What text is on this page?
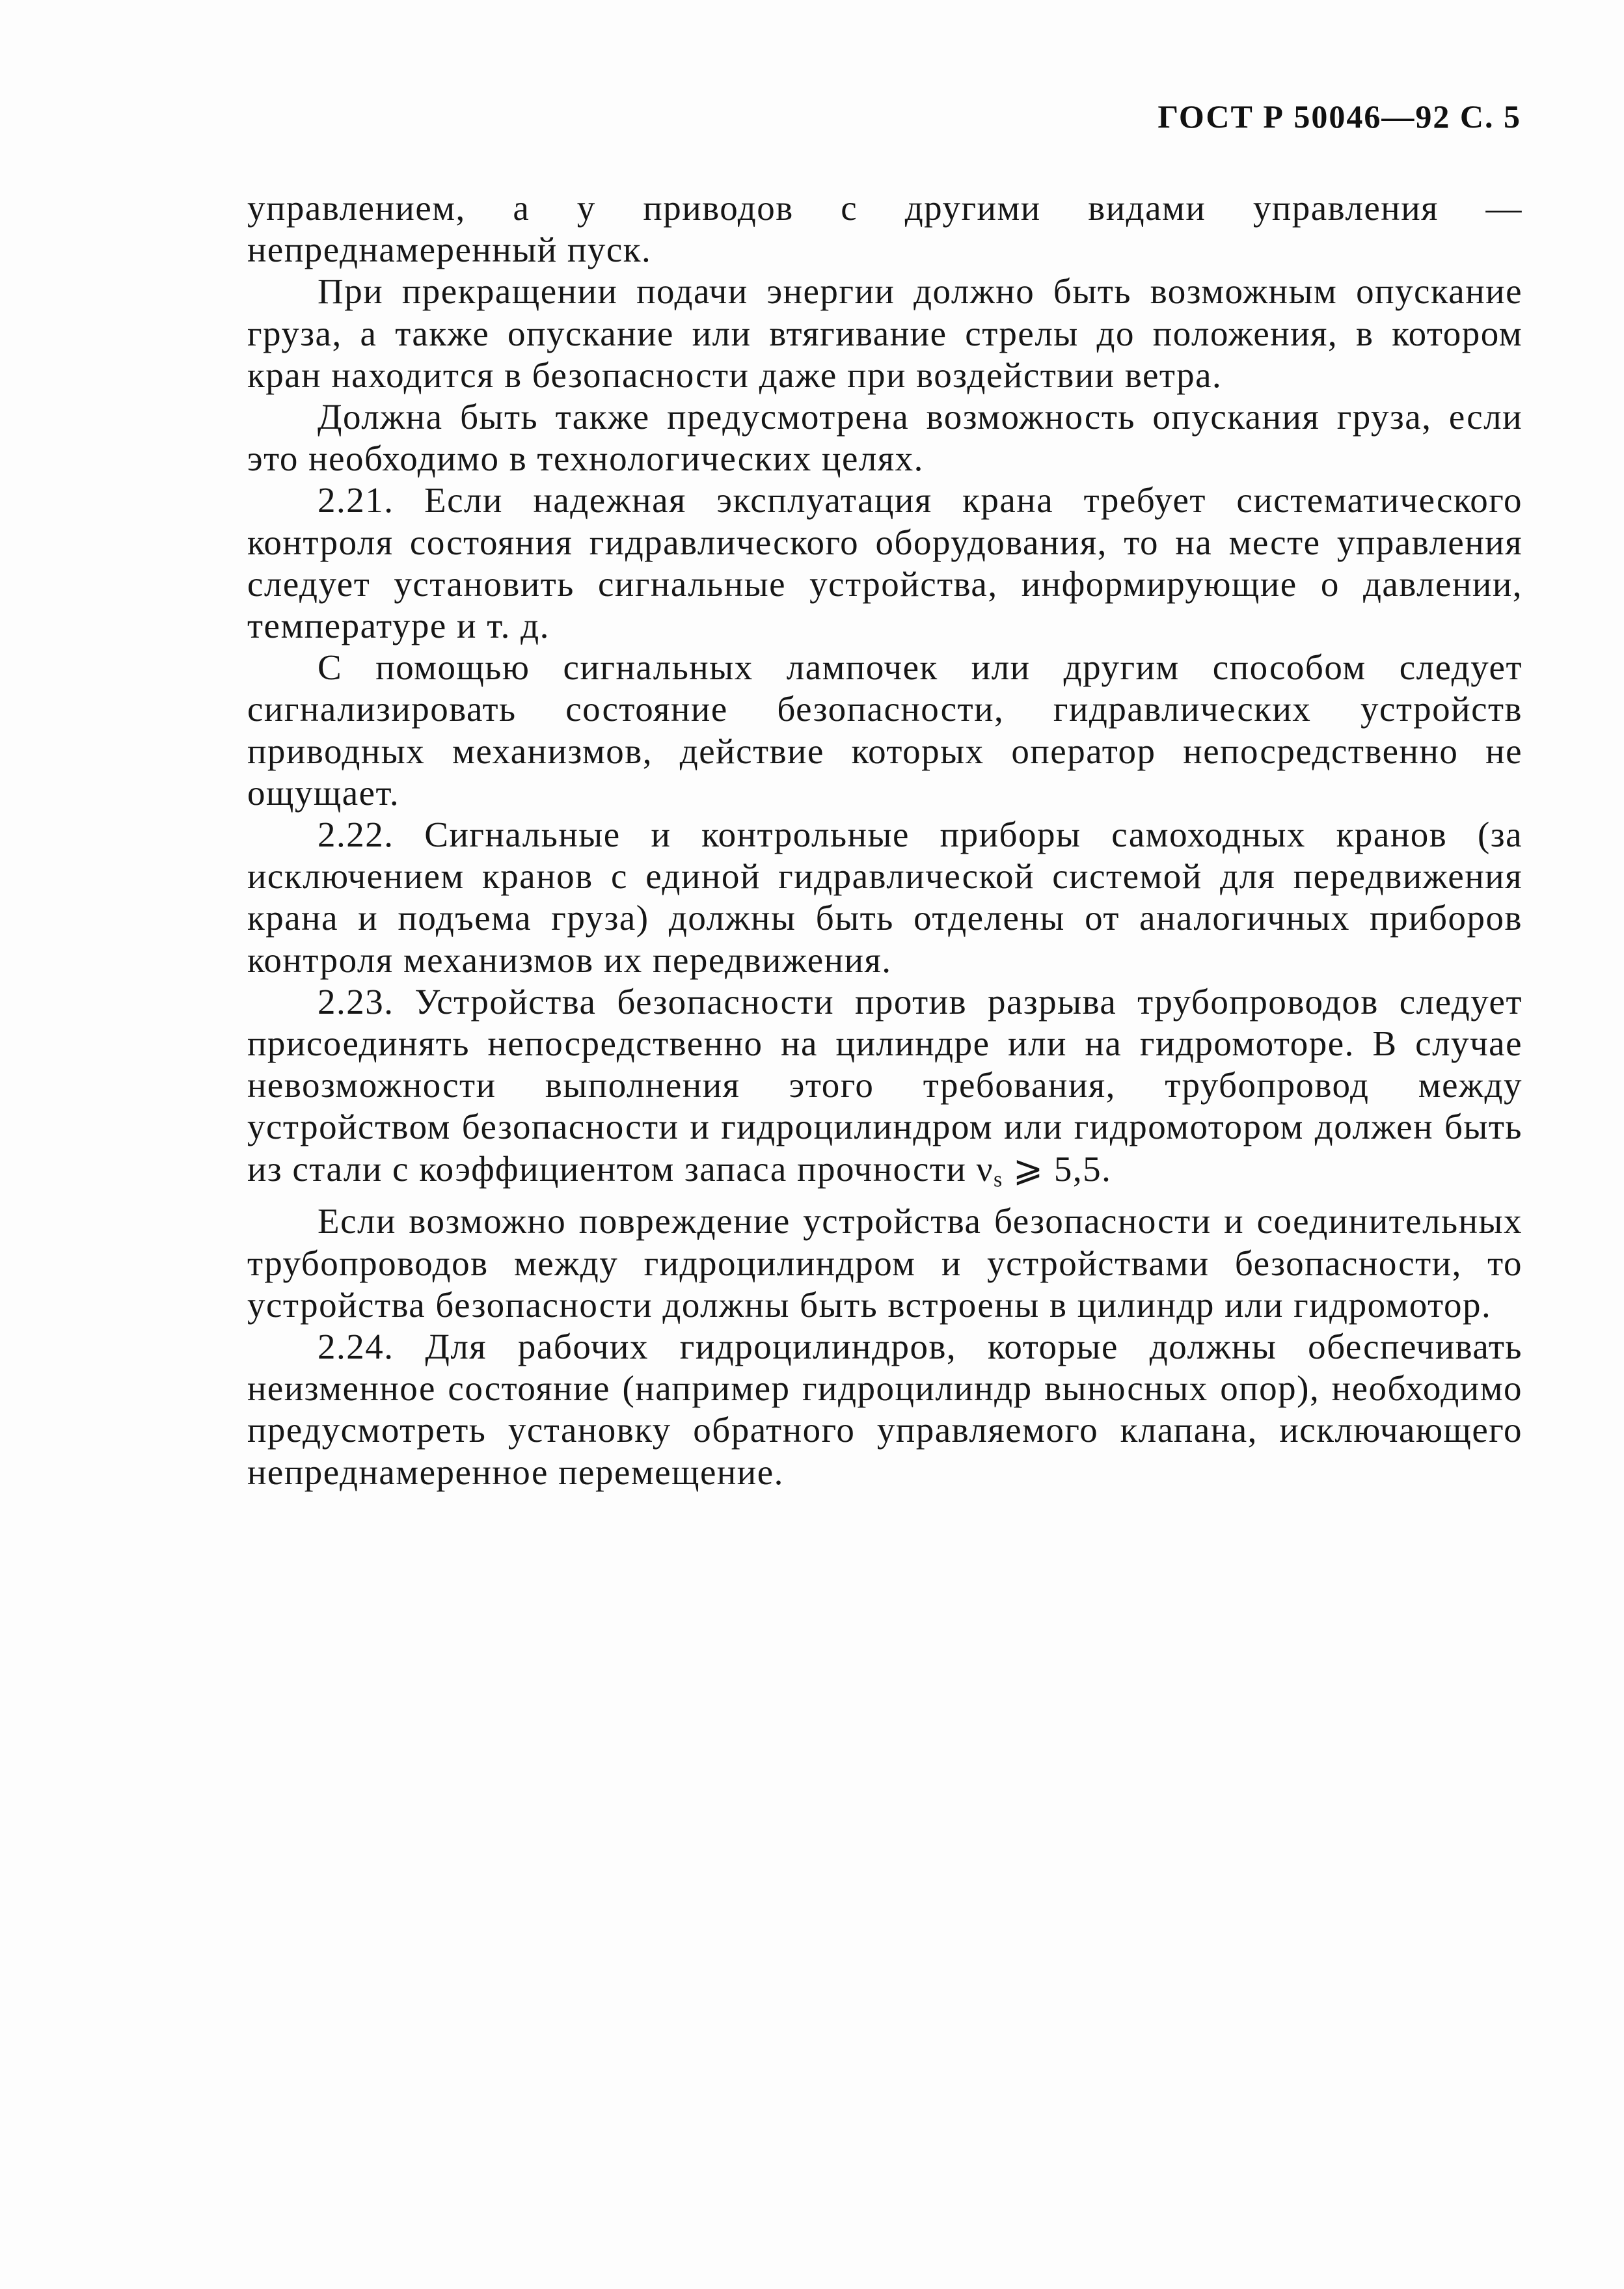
ГОСТ Р 50046—92 С. 5

управлением, а у приводов с другими видами управления — непреднамеренный пуск.

При прекращении подачи энергии должно быть возможным опускание груза, а также опускание или втягивание стрелы до положения, в котором кран находится в безопасности даже при воздействии ветра.

Должна быть также предусмотрена возможность опускания груза, если это необходимо в технологических целях.

2.21. Если надежная эксплуатация крана требует систематического контроля состояния гидравлического оборудования, то на месте управления следует установить сигнальные устройства, информирующие о давлении, температуре и т. д.

С помощью сигнальных лампочек или другим способом следует сигнализировать состояние безопасности, гидравлических устройств приводных механизмов, действие которых оператор непосредственно не ощущает.

2.22. Сигнальные и контрольные приборы самоходных кранов (за исключением кранов с единой гидравлической системой для передвижения крана и подъема груза) должны быть отделены от аналогичных приборов контроля механизмов их передвижения.

2.23. Устройства безопасности против разрыва трубопроводов следует присоединять непосредственно на цилиндре или на гидромоторе. В случае невозможности выполнения этого требования, трубопровод между устройством безопасности и гидроцилиндром или гидромотором должен быть из стали с коэффициентом запаса прочности $\nu_s$ ⩾ 5,5.

Если возможно повреждение устройства безопасности и соединительных трубопроводов между гидроцилиндром и устройствами безопасности, то устройства безопасности должны быть встроены в цилиндр или гидромотор.

2.24. Для рабочих гидроцилиндров, которые должны обеспечивать неизменное состояние (например гидроцилиндр выносных опор), необходимо предусмотреть установку обратного управляемого клапана, исключающего непреднамеренное перемещение.
